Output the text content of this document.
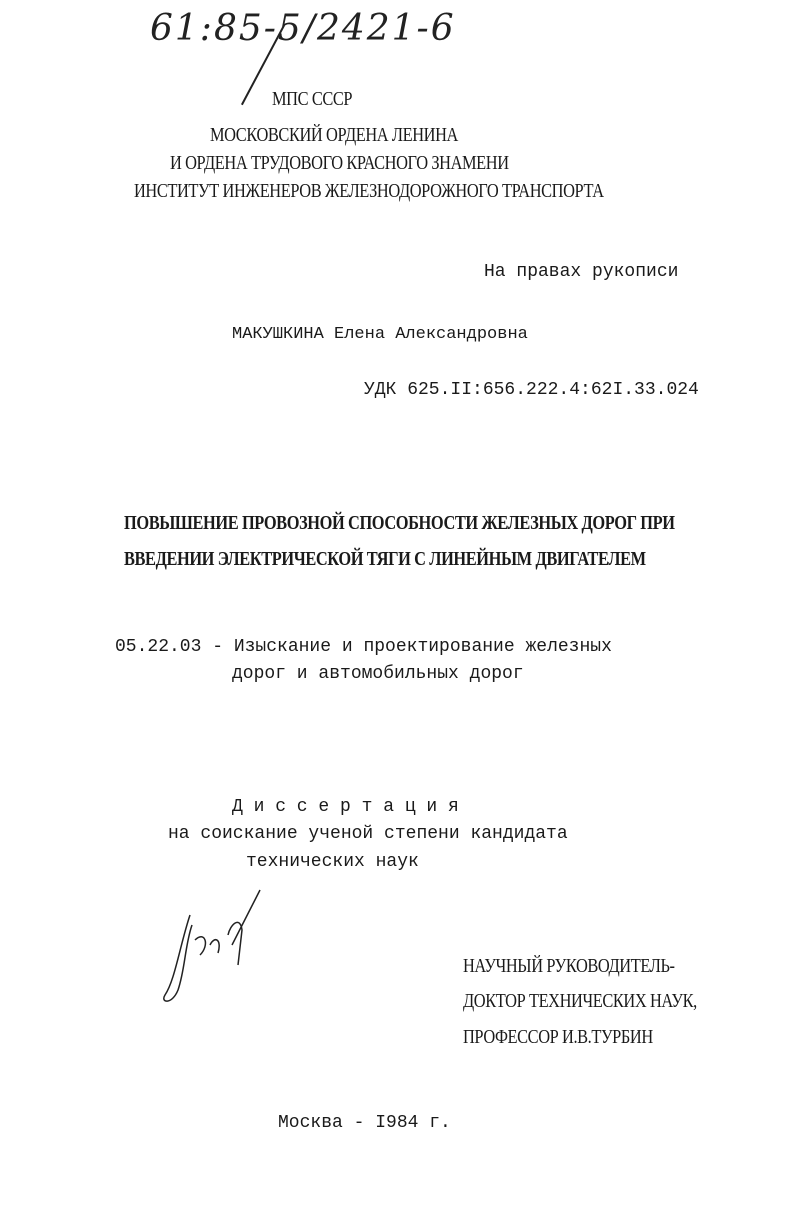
61:85-5/2421-6
МПС СССР
МОСКОВСКИЙ ОРДЕНА ЛЕНИНА
И ОРДЕНА ТРУДОВОГО КРАСНОГО ЗНАМЕНИ
ИНСТИТУТ ИНЖЕНЕРОВ ЖЕЛЕЗНОДОРОЖНОГО ТРАНСПОРТА
На правах рукописи
МАКУШКИНА Елена Александровна
УДК 625.II:656.222.4:62I.33.024
ПОВЫШЕНИЕ ПРОВОЗНОЙ СПОСОБНОСТИ ЖЕЛЕЗНЫХ ДОРОГ ПРИ
ВВЕДЕНИИ ЭЛЕКТРИЧЕСКОЙ ТЯГИ С ЛИНЕЙНЫМ ДВИГАТЕЛЕМ
05.22.03 - Изыскание и проектирование железных
дорог и автомобильных дорог
Д и с с е р т а ц и я
на соискание ученой степени кандидата
технических наук
НАУЧНЫЙ РУКОВОДИТЕЛЬ-
ДОКТОР ТЕХНИЧЕСКИХ НАУК,
ПРОФЕССОР И.В.ТУРБИН
Москва - I984 г.
